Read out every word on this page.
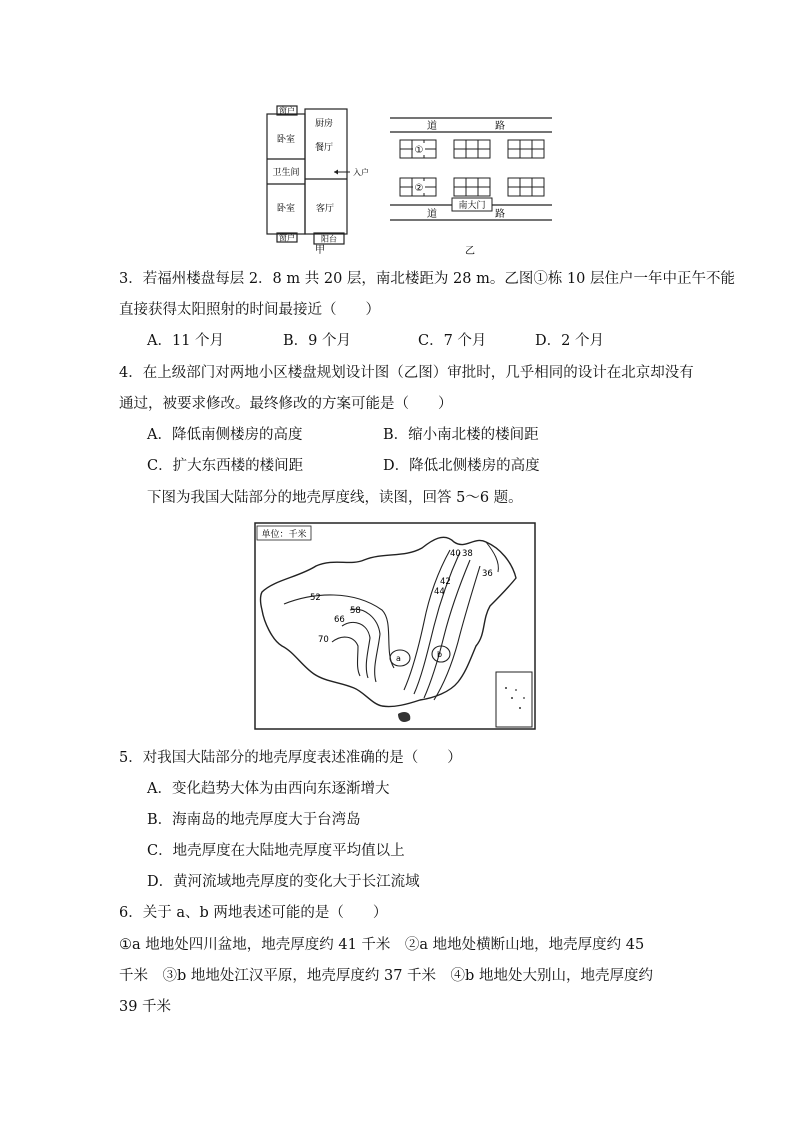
窗户
卧室
厨房
餐厅
卫生间	入户
卧室 客厅
窗户	阳台
甲
道	路
道	路
①
②
南大门
乙
3．若福州楼盘每层 2．8 m 共 20 层，南北楼距为 28 m。乙图①栋 10 层住户一年中正午不能
直接获得太阳照射的时间最接近（　　）
A．11 个月	B．9 个月	C．7 个月	D．2 个月
4．在上级部门对两地小区楼盘规划设计图（乙图）审批时，几乎相同的设计在北京却没有
通过，被要求修改。最终修改的方案可能是（　　）
A．降低南侧楼房的高度	B．缩小南北楼的楼间距
C．扩大东西楼的楼间距	D．降低北侧楼房的高度
下图为我国大陆部分的地壳厚度线，读图，回答 5～6 题。
单位：千米
40 38
36
42
44
52
58
66
70
a	b
5．对我国大陆部分的地壳厚度表述准确的是（　　）
A．变化趋势大体为由西向东逐渐增大
B．海南岛的地壳厚度大于台湾岛
C．地壳厚度在大陆地壳厚度平均值以上
D．黄河流域地壳厚度的变化大于长江流域
6．关于 a、b 两地表述可能的是（　　）
①a 地地处四川盆地，地壳厚度约 41 千米　②a 地地处横断山地，地壳厚度约 45
千米　③b 地地处江汉平原，地壳厚度约 37 千米　④b 地地处大别山，地壳厚度约
39 千米
